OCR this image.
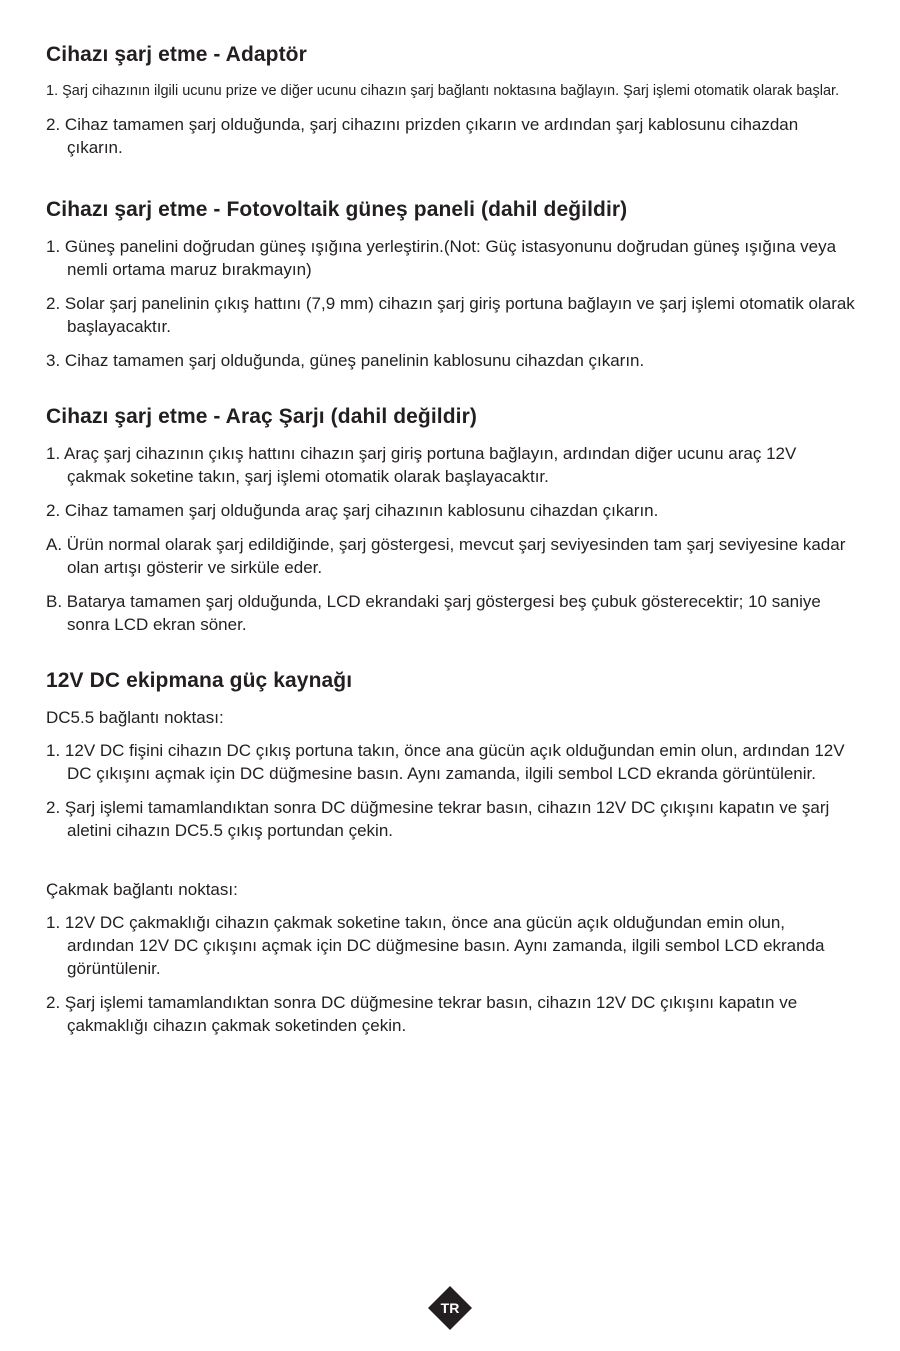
Cihazı şarj etme - Adaptör
1. Şarj cihazının ilgili ucunu prize ve diğer ucunu cihazın şarj bağlantı noktasına bağlayın. Şarj işlemi otomatik olarak başlar.
2. Cihaz tamamen şarj olduğunda, şarj cihazını prizden çıkarın ve ardından şarj kablosunu cihazdan çıkarın.
Cihazı şarj etme - Fotovoltaik güneş paneli (dahil değildir)
1. Güneş panelini doğrudan güneş ışığına yerleştirin.(Not: Güç istasyonunu doğrudan güneş ışığına veya nemli ortama maruz bırakmayın)
2. Solar şarj panelinin çıkış hattını (7,9 mm) cihazın şarj giriş portuna bağlayın ve şarj işlemi otomatik olarak başlayacaktır.
3. Cihaz tamamen şarj olduğunda, güneş panelinin kablosunu cihazdan çıkarın.
Cihazı şarj etme - Araç Şarjı (dahil değildir)
1. Araç şarj cihazının çıkış hattını cihazın şarj giriş portuna bağlayın, ardından diğer ucunu araç 12V çakmak soketine takın, şarj işlemi otomatik olarak başlayacaktır.
2. Cihaz tamamen şarj olduğunda araç şarj cihazının kablosunu cihazdan çıkarın.
A. Ürün normal olarak şarj edildiğinde, şarj göstergesi, mevcut şarj seviyesinden tam şarj seviyesine kadar olan artışı gösterir ve sirküle eder.
B. Batarya tamamen şarj olduğunda, LCD ekrandaki şarj göstergesi beş çubuk gösterecektir; 10 saniye sonra LCD ekran söner.
12V DC ekipmana güç kaynağı

DC5.5 bağlantı noktası:

1. 12V DC fişini cihazın DC çıkış portuna takın, önce ana gücün açık olduğundan emin olun, ardından 12V DC çıkışını açmak için DC düğmesine basın. Aynı zamanda, ilgili sembol LCD ekranda görüntülenir.
2. Şarj işlemi tamamlandıktan sonra DC düğmesine tekrar basın, cihazın 12V DC çıkışını kapatın ve şarj aletini cihazın DC5.5 çıkış portundan çekin.

Çakmak bağlantı noktası:

1. 12V DC çakmaklığı cihazın çakmak soketine takın, önce ana gücün açık olduğundan emin olun, ardından 12V DC çıkışını açmak için DC düğmesine basın. Aynı zamanda, ilgili sembol LCD ekranda görüntülenir.
2. Şarj işlemi tamamlandıktan sonra DC düğmesine tekrar basın, cihazın 12V DC çıkışını kapatın ve çakmaklığı cihazın çakmak soketinden çekin.
TR
